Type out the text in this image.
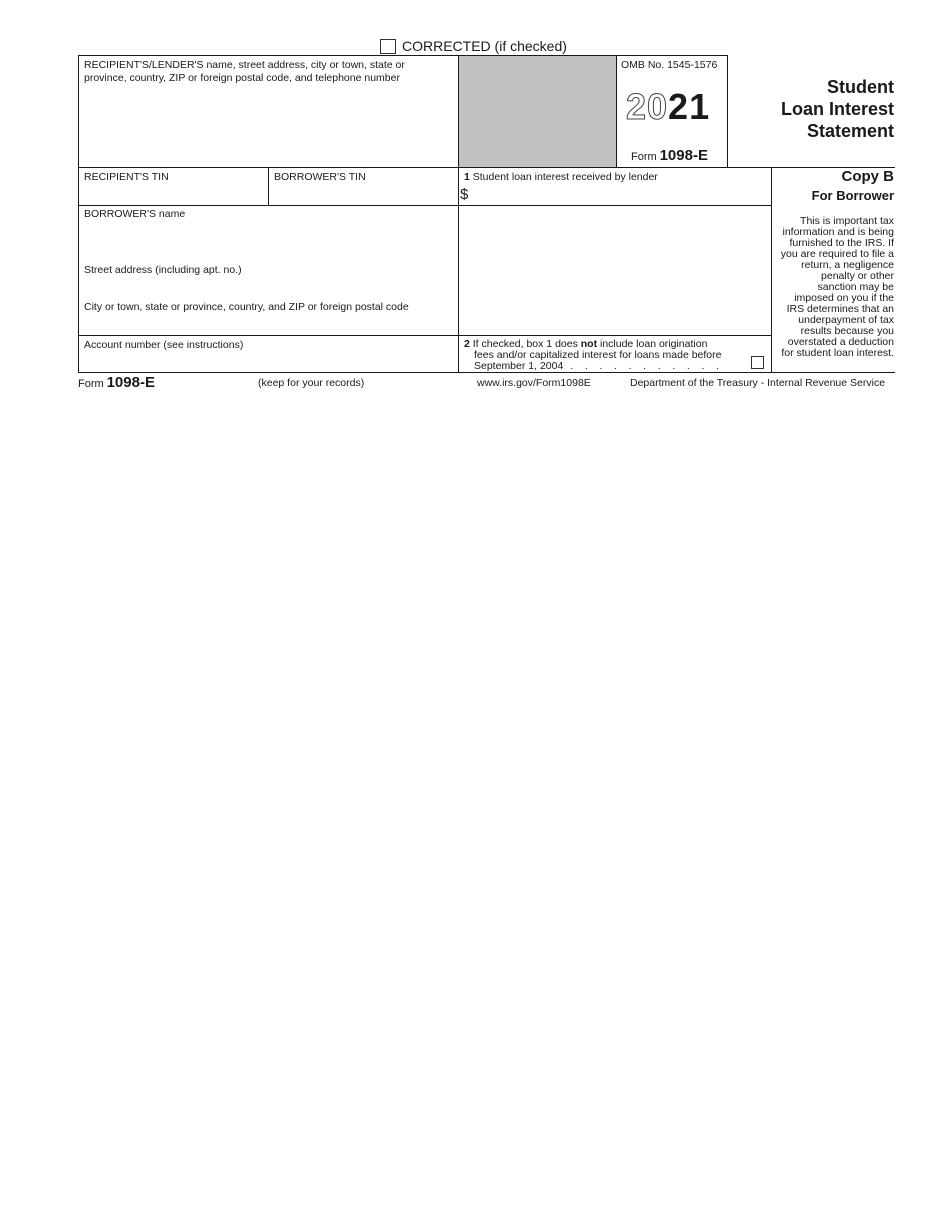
CORRECTED (if checked)
RECIPIENT'S/LENDER'S name, street address, city or town, state or
province, country, ZIP or foreign postal code, and telephone number
OMB No. 1545-1576
2021
Form 1098-E
Student
Loan Interest
Statement
RECIPIENT'S TIN	BORROWER'S TIN	1 Student loan interest received by lender
$
Copy B
For Borrower
This is important tax
information and is being
furnished to the IRS. If
you are required to file a
return, a negligence
penalty or other
sanction may be
imposed on you if the
IRS determines that an
underpayment of tax
results because you
overstated a deduction
for student loan interest.
BORROWER'S name
Street address (including apt. no.)
City or town, state or province, country, and ZIP or foreign postal code
Account number (see instructions)	2 If checked, box 1 does not include loan origination
fees and/or capitalized interest for loans made before
September 1, 2004 .    .    .    .    .    .    .    .    .    .    .
Form 1098-E	(keep for your records)	www.irs.gov/Form1098E	Department of the Treasury - Internal Revenue Service
